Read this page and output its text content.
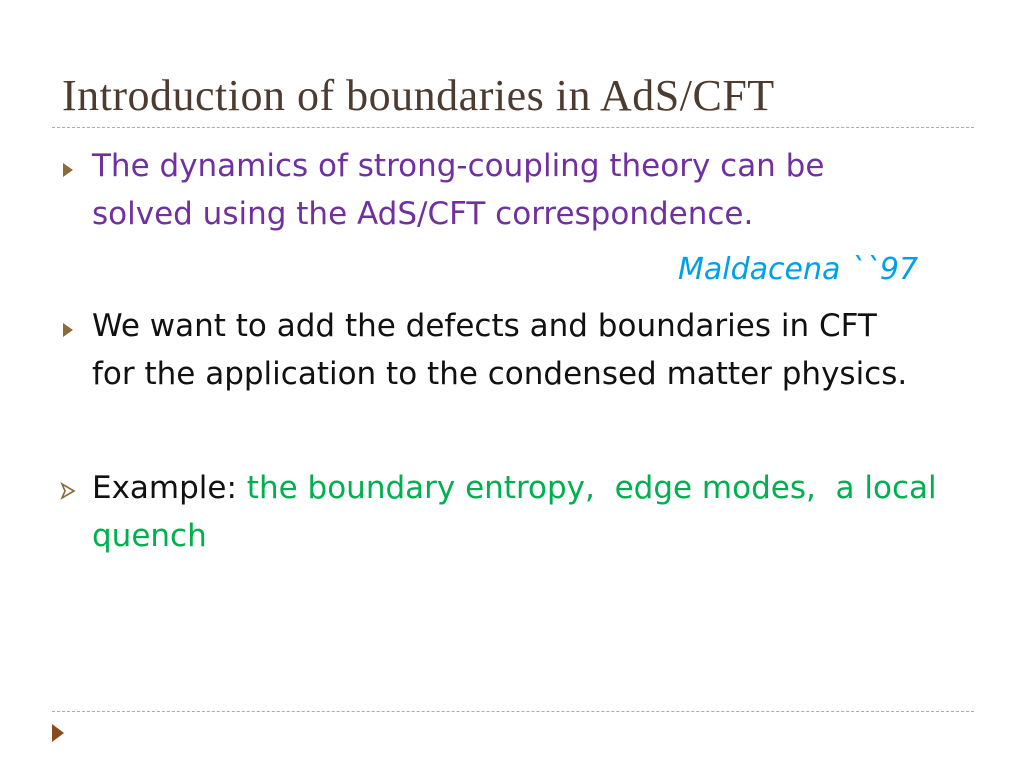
Introduction of boundaries in AdS/CFT
The dynamics of strong-coupling theory can be
solved using the AdS/CFT correspondence.
Maldacena ``97
We want to add the defects and boundaries in CFT
for the application to the condensed matter physics.
Example: the boundary entropy,  edge modes,  a local
quench
